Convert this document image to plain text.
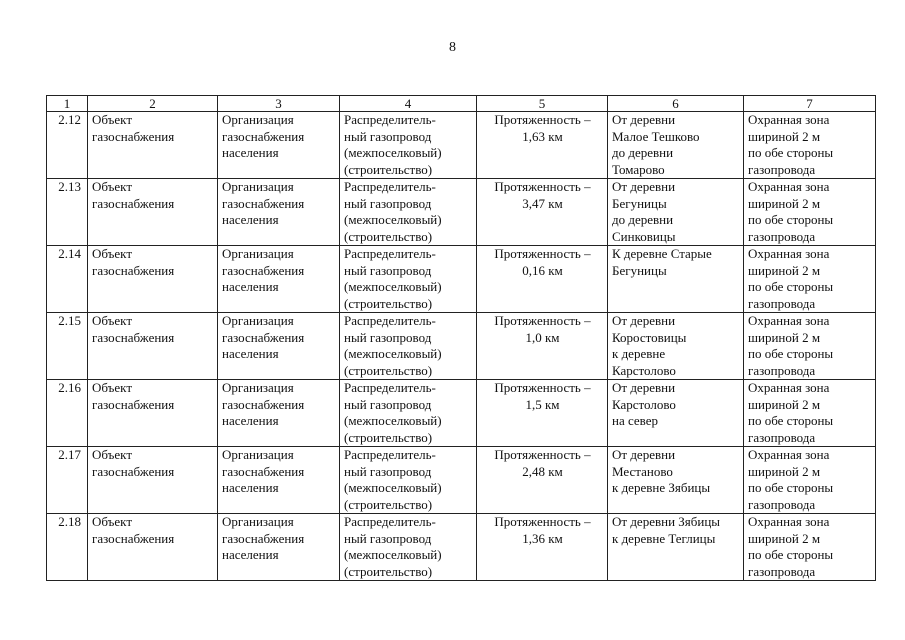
8
1	2	3	4	5	6	7
2.12	Объект
газоснабжения	Организация
газоснабжения
населения	Распределитель-
ный газопровод
(межпоселковый)
(строительство)	Протяженность –
1,63 км	От деревни
Малое Тешково
до деревни
Томарово	Охранная зона
шириной 2 м
по обе стороны
газопровода
2.13	Объект
газоснабжения	Организация
газоснабжения
населения	Распределитель-
ный газопровод
(межпоселковый)
(строительство)	Протяженность –
3,47 км	От деревни
Бегуницы
до деревни
Синковицы	Охранная зона
шириной 2 м
по обе стороны
газопровода
2.14	Объект
газоснабжения	Организация
газоснабжения
населения	Распределитель-
ный газопровод
(межпоселковый)
(строительство)	Протяженность –
0,16 км	К деревне Старые
Бегуницы	Охранная зона
шириной 2 м
по обе стороны
газопровода
2.15	Объект
газоснабжения	Организация
газоснабжения
населения	Распределитель-
ный газопровод
(межпоселковый)
(строительство)	Протяженность –
1,0 км	От деревни
Коростовицы
к деревне
Карстолово	Охранная зона
шириной 2 м
по обе стороны
газопровода
2.16	Объект
газоснабжения	Организация
газоснабжения
населения	Распределитель-
ный газопровод
(межпоселковый)
(строительство)	Протяженность –
1,5 км	От деревни
Карстолово
на север	Охранная зона
шириной 2 м
по обе стороны
газопровода
2.17	Объект
газоснабжения	Организация
газоснабжения
населения	Распределитель-
ный газопровод
(межпоселковый)
(строительство)	Протяженность –
2,48 км	От деревни
Местаново
к деревне Зябицы	Охранная зона
шириной 2 м
по обе стороны
газопровода
2.18	Объект
газоснабжения	Организация
газоснабжения
населения	Распределитель-
ный газопровод
(межпоселковый)
(строительство)	Протяженность –
1,36 км	От деревни Зябицы
к деревне Теглицы	Охранная зона
шириной 2 м
по обе стороны
газопровода
